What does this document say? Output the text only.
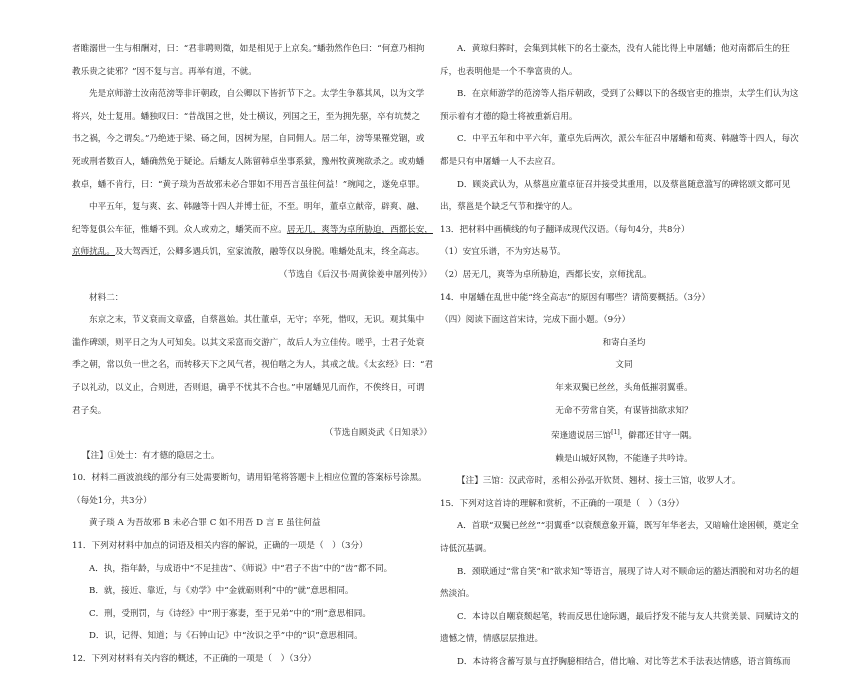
者睢溺世一生与相酬对，曰：“君非聘则徵，如是相见于上京矣。”蟠勃然作色曰：“何意乃相拘

教乐贵之徒邪？”因不复与言。再举有道，不就。

先是京师游士汝南范滂等非讦朝政，自公卿以下皆折节下之。太学生争慕其风，以为文学

将兴，处士复用。蟠独叹曰：“昔战国之世，处士横议，列国之王，至为拥先驱，卒有坑焚之

书之祸，今之谓矣。”乃绝迹于梁、砀之间，因树为屋，自同佣人。居二年，滂等果罹党锢，或

死或刑者数百人，蟠确然免于疑论。后蟠友人陈留韩卓坐事系狱，豫州牧黄琬欲杀之。或劝蟠

救卓，蟠不肯行，曰：“黄子琰为吾故邪未必合罪如不用吾言虽往何益！”琬闻之，遂免卓罪。

中平五年，复与爽、玄、韩融等十四人并博士征，不至。明年，董卓立献帝，辟爽、融、

纪等复俱公车征，惟蟠不到。众人或劝之，蟠笑而不应。居无几，爽等为卓所胁迫，西都长安，

京师扰乱。及大驾西迁，公卿多遇兵饥，室家流散，融等仅以身脱。唯蟠处乱末，终全高志。

（节选自《后汉书·周黄徐姜申屠列传》）

材料二：

东京之末，节义衰而文章盛，自蔡邕始。其仕董卓，无守；卒死，惜叹，无识。观其集中

滥作碑颂，则平日之为人可知矣。以其文采富而交游广，故后人为立佳传。嗟乎，士君子处衰

季之朝，常以负一世之名，而转移天下之风气者，视伯喈之为人，其戒之哉。《太玄经》曰：“君

子以礼动，以义止，合则进，否则退，确乎不忧其不合也。”申屠蟠见几而作，不俟终日，可谓

君子矣。

（节选自顾炎武《日知录》）

【注】①处士：有才德的隐居之士。

10．材料二画波浪线的部分有三处需要断句，请用铅笔将答题卡上相应位置的答案标号涂黑。

（每处1分，共3分）

黄子琰 A 为吾故邪 B 未必合罪 C 如不用吾 D 言 E 虽往何益

11．下列对材料中加点的词语及相关内容的解说，正确的一项是（　）（3分）

A．执，指年龄，与成语中“不足挂齿”、《师说》中“君子不齿”中的“齿”都不同。

B．就，接近、靠近，与《劝学》中“金就砺则利”中的“就”意思相同。

C．刑，受刑罚，与《诗经》中“刑于寡妻，至于兄弟”中的“刑”意思相同。

D．识，记得、知道；与《石钟山记》中“汝识之乎”中的“识”意思相同。

12．下列对材料有关内容的概述，不正确的一项是（　）（3分）

A．黄琼归葬时，会集到其帐下的名士豪杰，没有人能比得上申屠蟠；他对南都后生的狂

斥，也表明他是一个不拳富贵的人。

B．在京师游学的范滂等人指斥朝政，受到了公卿以下的各级官吏的推崇，太学生们认为这

预示着有才德的隐士将被重新启用。

C．中平五年和中平六年，董卓先后两次，派公车征召申屠蟠和荀爽、韩融等十四人，每次

都是只有申屠蟠一人不去应召。

D．顾炎武认为，从蔡邕应董卓征召并接受其重用，以及蔡邕随意滥写的碑铭颂文都可见

出，蔡邕是个缺乏气节和操守的人。

13．把材料中画横线的句子翻译成现代汉语。（每句4分，共8分）

（1）安宜乐谱，不为穷达易节。

（2）居无几，爽等为卓所胁迫，西都长安，京师扰乱。

14．申屠蟠在乱世中能“终全高志”的原因有哪些？请简要概括。（3分）

（四）阅读下面这首宋诗，完成下面小题。（9分）

和寄白圣均

文同

年来双鬓已丝丝，头角低摧羽翼垂。

无命不劳常自笑，有谋皆拙欲求知？

荣逢遗说居三馆[1]，僻郡还甘守一隅。

赖是山城好风物，不能逢子共吟诗。

【注】三馆：汉武帝时，丞相公孙弘开钦贤、翘材、接士三馆，收罗人才。

15．下列对这首诗的理解和赏析，不正确的一项是（　）（3分）

A．首联“双鬓已丝丝”“羽翼垂”以衰颓意象开篇，既写年华老去，又暗喻仕途困顿，奠定全

诗低沉基调。

B．颈联通过“常自笑”和“欲求知”等语言，展现了诗人对不顺命运的豁达洒脱和对功名的超

然淡泊。

C．本诗以自嘲衰颓起笔，转而反思仕途际遇，最后抒发不能与友人共赏美景、同赋诗文的

遗憾之情，情感层层推进。

D．本诗将含蓄写景与直抒胸臆相结合，借比喻、对比等艺术手法表达情感，语言简练而
